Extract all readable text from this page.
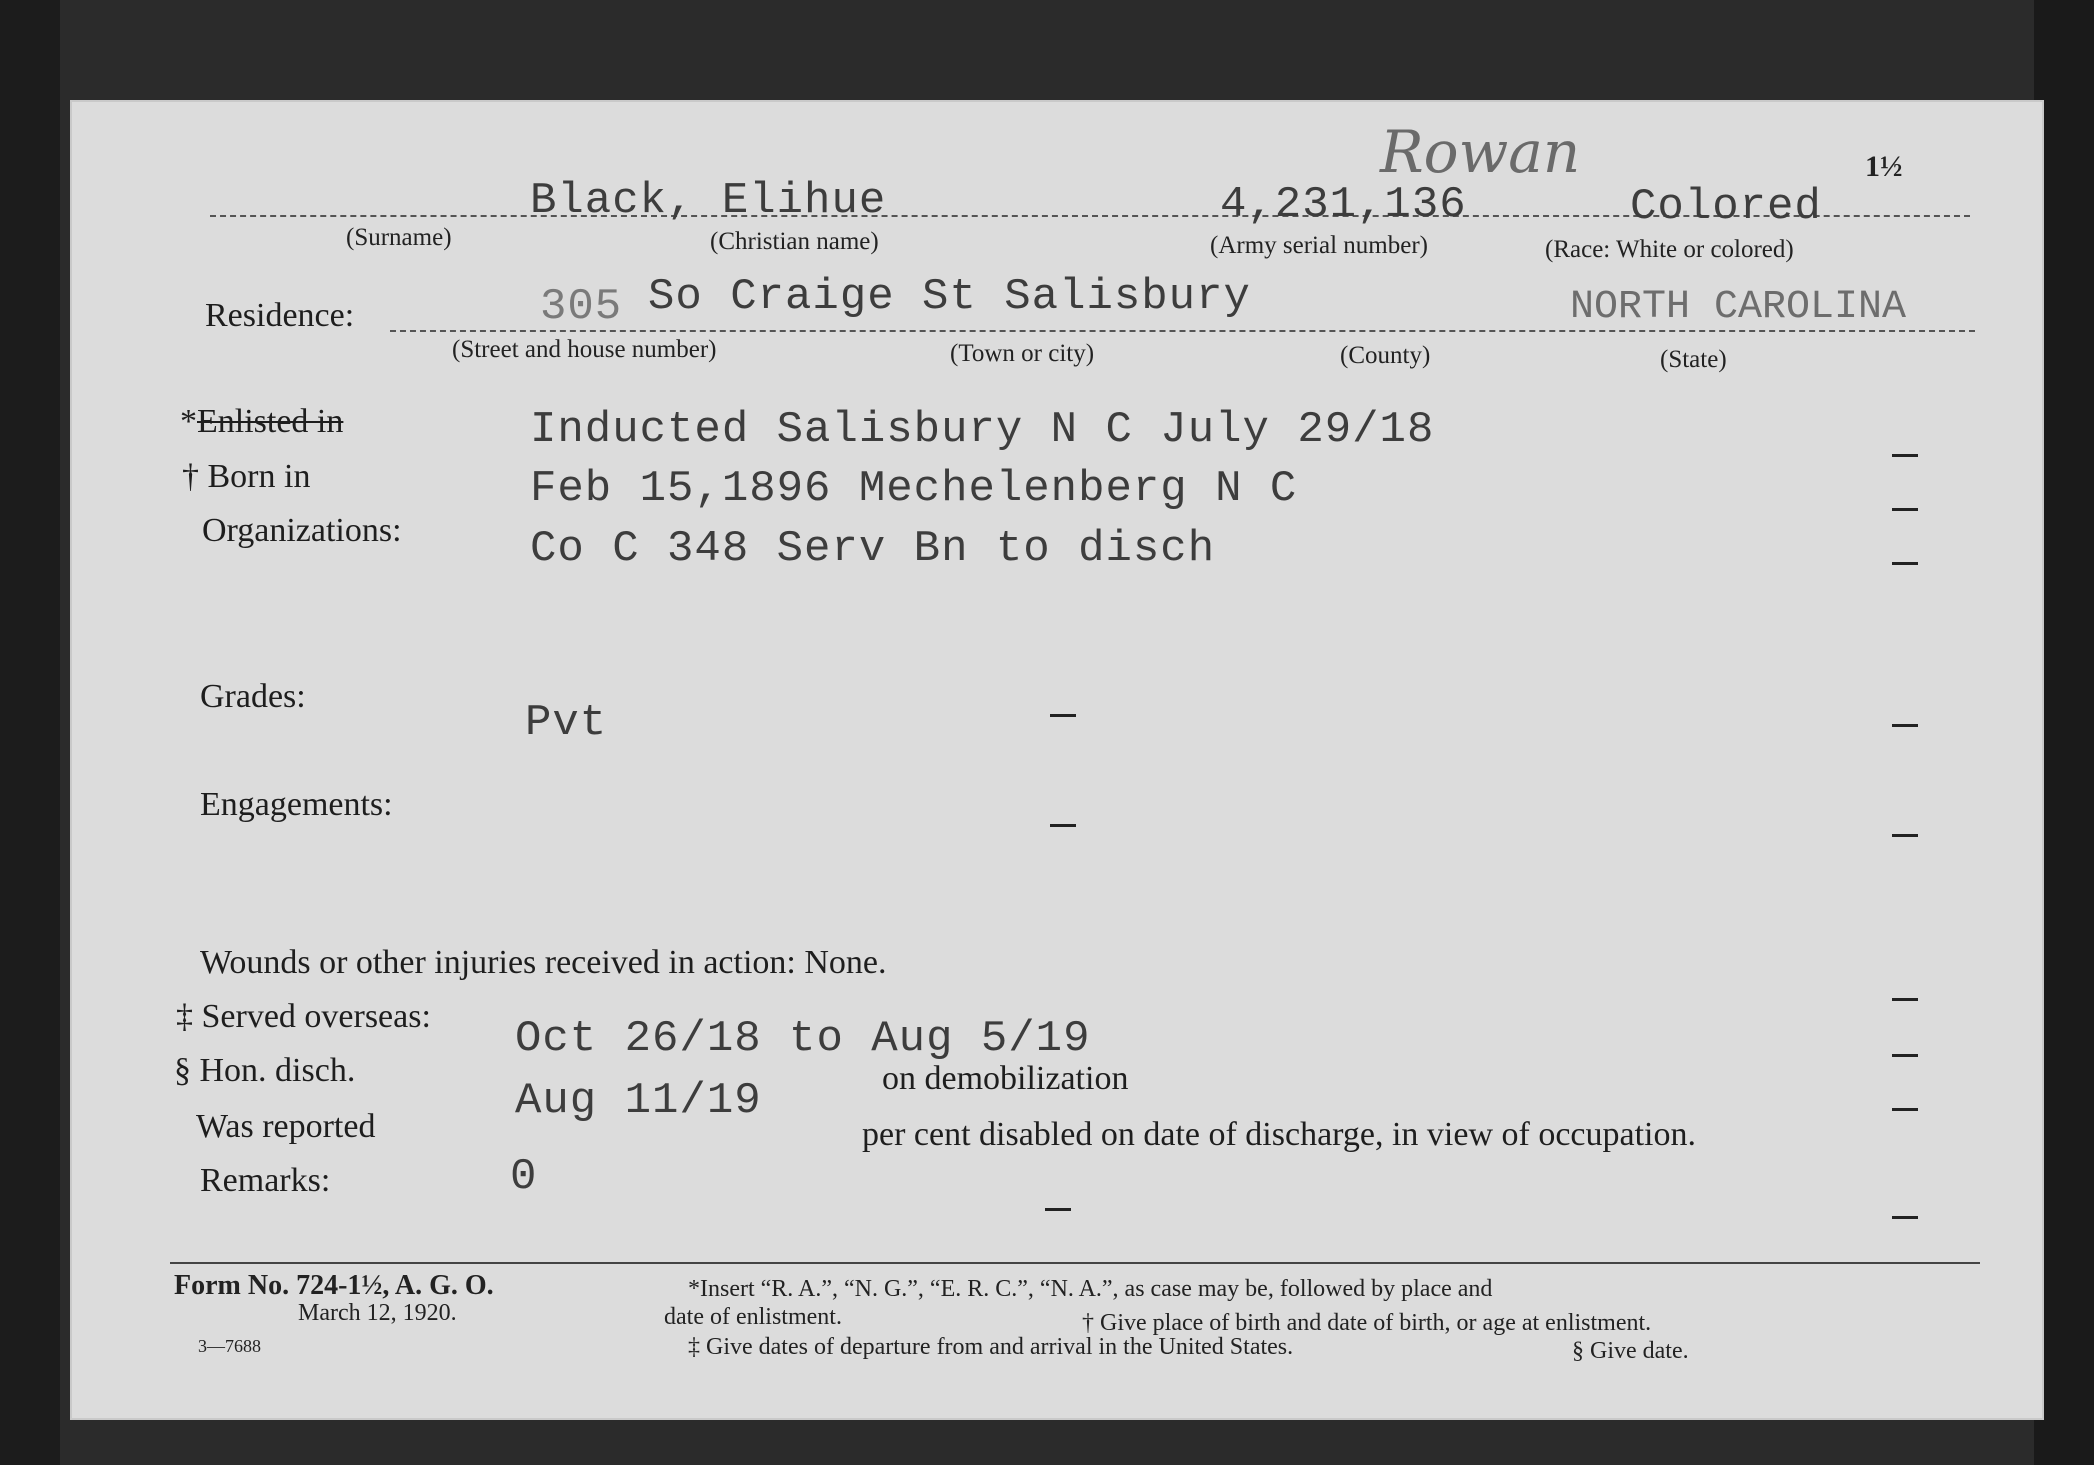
1½
Rowan
Black, Elihue	4,231,136	Colored
(Surname)	(Christian name)	(Army serial number)	(Race: White or colored)
Residence:	305 So Craige St Salisbury	NORTH CAROLINA
(Street and house number)	(Town or city)	(County)	(State)
*Enlisted in	Inducted Salisbury N C July 29/18
† Born in	Feb 15,1896 Mechelenberg N C
Organizations:	Co C 348 Serv Bn to disch
Grades:
Pvt
Engagements:
Wounds or other injuries received in action: None.
‡ Served overseas: Oct 26/18 to Aug 5/19
§ Hon. disch.
Aug 11/19	on demobilization
Was reported	per cent disabled on date of discharge, in view of occupation.
Remarks:	0
Form No. 724-1½, A. G. O.
March 12, 1920.
3—7688
*Insert “R. A.”, “N. G.”, “E. R. C.”, “N. A.”, as case may be, followed by place and
date of enlistment.	† Give place of birth and date of birth, or age at enlistment.
‡ Give dates of departure from and arrival in the United States.	§ Give date.
